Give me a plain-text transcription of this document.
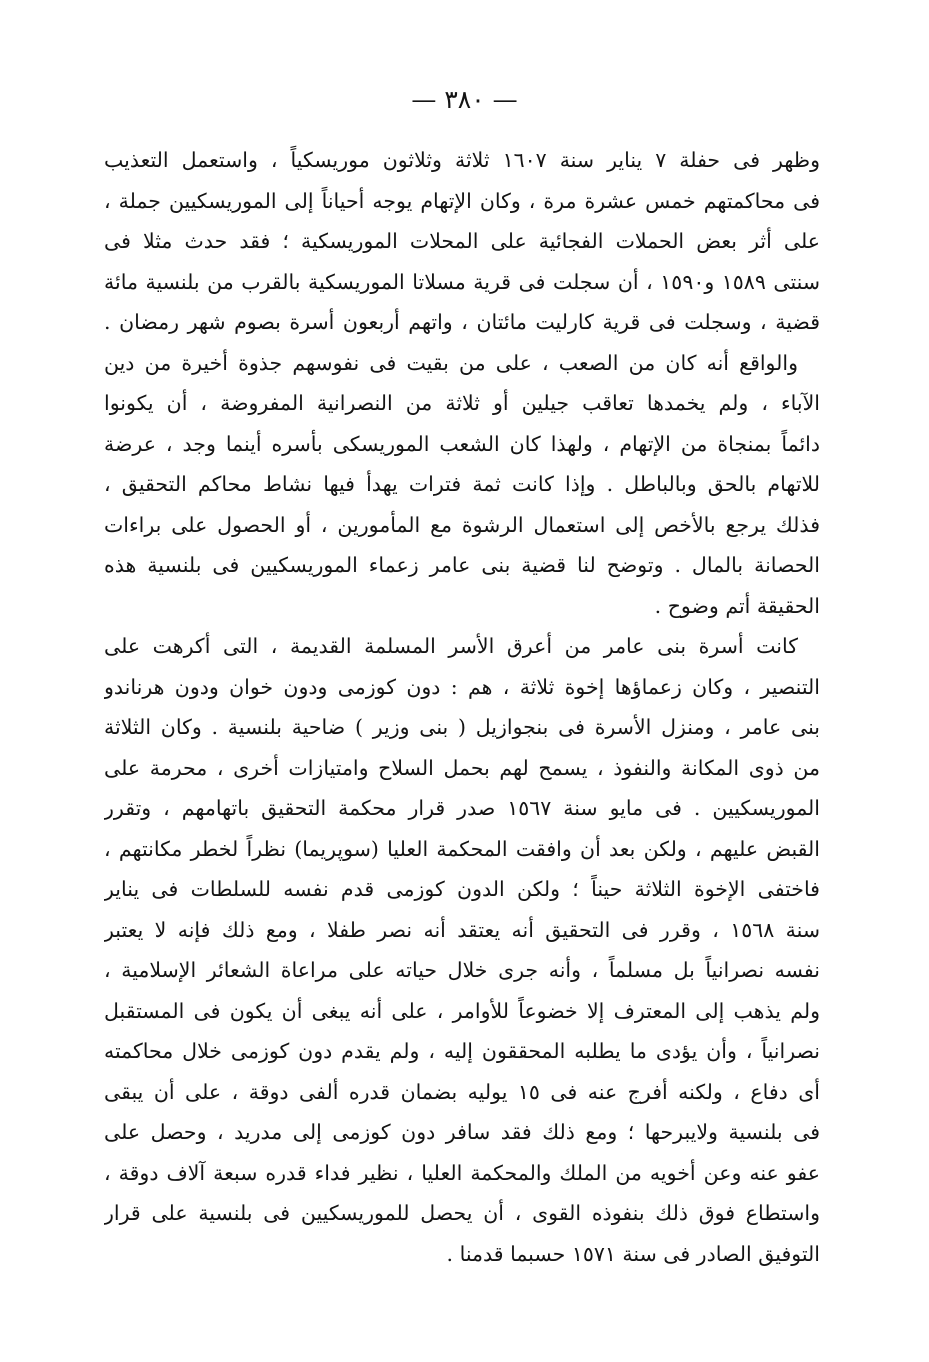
— ٣٨٠ —
وظهر فى حفلة ٧ يناير سنة ١٦٠٧ ثلاثة وثلاثون موريسكياً ، واستعمل التعذيب
فى محاكمتهم خمس عشرة مرة ، وكان الإتهام يوجه أحياناً إلى الموريسكيين جملة ،
على أثر بعض الحملات الفجائية على المحلات الموريسكية ؛ فقد حدث مثلا فى
سنتى ١٥٨٩ و١٥٩٠ ، أن سجلت فى قرية مسلاتا الموريسكية بالقرب من بلنسية مائة
قضية ، وسجلت فى قرية كارليت مائتان ، واتهم أربعون أسرة بصوم شهر رمضان .
والواقع أنه كان من الصعب ، على من بقيت فى نفوسهم جذوة أخيرة من دين
الآباء ، ولم يخمدها تعاقب جيلين أو ثلاثة من النصرانية المفروضة ، أن يكونوا
دائماً بمنجاة من الإتهام ، ولهذا كان الشعب الموريسكى بأسره أينما وجد ، عرضة
للاتهام بالحق وبالباطل . وإذا كانت ثمة فترات يهدأ فيها نشاط محاكم التحقيق ،
فذلك يرجع بالأخص إلى استعمال الرشوة مع المأمورين ، أو الحصول على براءات
الحصانة بالمال . وتوضح لنا قضية بنى عامر زعماء الموريسكيين فى بلنسية هذه
الحقيقة أتم وضوح .
كانت أسرة بنى عامر من أعرق الأسر المسلمة القديمة ، التى أكرهت على
التنصير ، وكان زعماؤها إخوة ثلاثة ، هم : دون كوزمى ودون خوان ودون هرناندو
بنى عامر ، ومنزل الأسرة فى بنجوازيل ( بنى وزير ) ضاحية بلنسية . وكان الثلاثة
من ذوى المكانة والنفوذ ، يسمح لهم بحمل السلاح وامتيازات أخرى ، محرمة على
الموريسكيين . فى مايو سنة ١٥٦٧ صدر قرار محكمة التحقيق باتهامهم ، وتقرر
القبض عليهم ، ولكن بعد أن وافقت المحكمة العليا (سوپريما) نظراً لخطر مكانتهم ،
فاختفى الإخوة الثلاثة حيناً ؛ ولكن الدون كوزمى قدم نفسه للسلطات فى يناير
سنة ١٥٦٨ ، وقرر فى التحقيق أنه يعتقد أنه نصر طفلا ، ومع ذلك فإنه لا يعتبر
نفسه نصرانياً بل مسلماً ، وأنه جرى خلال حياته على مراعاة الشعائر الإسلامية ،
ولم يذهب إلى المعترف إلا خضوعاً للأوامر ، على أنه يبغى أن يكون فى المستقبل
نصرانياً ، وأن يؤدى ما يطلبه المحققون إليه ، ولم يقدم دون كوزمى خلال محاكمته
أى دفاع ، ولكنه أفرج عنه فى ١٥ يوليه بضمان قدره ألفى دوقة ، على أن يبقى
فى بلنسية ولايبرحها ؛ ومع ذلك فقد سافر دون كوزمى إلى مدريد ، وحصل على
عفو عنه وعن أخويه من الملك والمحكمة العليا ، نظير فداء قدره سبعة آلاف دوقة ،
واستطاع فوق ذلك بنفوذه القوى ، أن يحصل للموريسكيين فى بلنسية على قرار
التوفيق الصادر فى سنة ١٥٧١ حسبما قدمنا .
